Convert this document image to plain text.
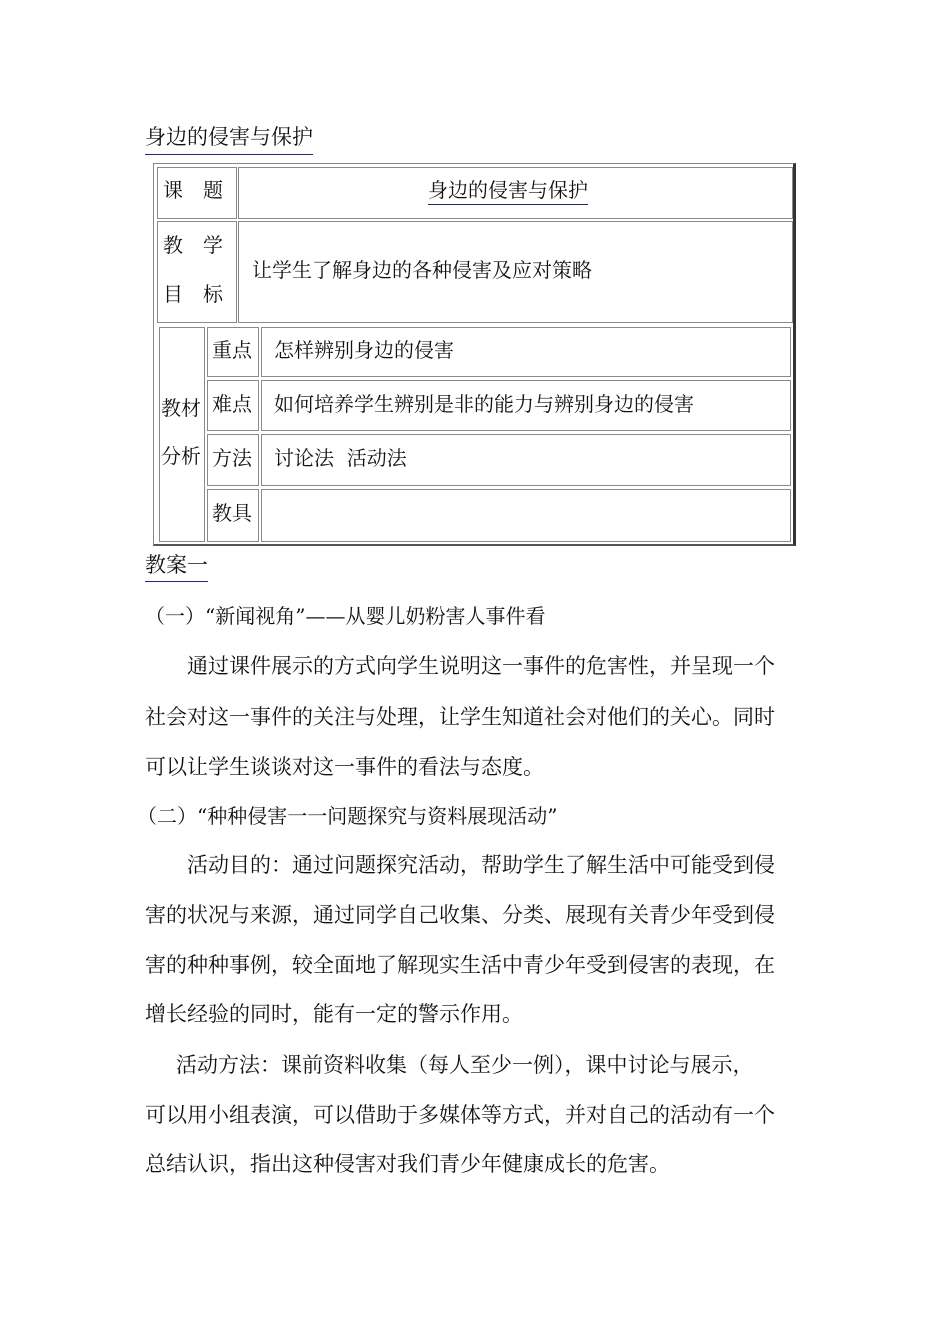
身边的侵害与保护
课　题	身边的侵害与保护
教　学
目　标
让学生了解身边的各种侵害及应对策略
教材
分析
重点 怎样辨别身边的侵害
难点 如何培养学生辨别是非的能力与辨别身边的侵害
方法 讨论法  活动法
教具
教案一
（一）“新闻视角”——从婴儿奶粉害人事件看
通过课件展示的方式向学生说明这一事件的危害性，并呈现一个
社会对这一事件的关注与处理，让学生知道社会对他们的关心。同时
可以让学生谈谈对这一事件的看法与态度。
（二）“种种侵害一一问题探究与资料展现活动”
活动目的：通过问题探究活动，帮助学生了解生活中可能受到侵
害的状况与来源，通过同学自己收集、分类、展现有关青少年受到侵
害的种种事例，较全面地了解现实生活中青少年受到侵害的表现，在
增长经验的同时，能有一定的警示作用。
活动方法：课前资料收集（每人至少一例），课中讨论与展示，
可以用小组表演，可以借助于多媒体等方式，并对自己的活动有一个
总结认识，指出这种侵害对我们青少年健康成长的危害。
